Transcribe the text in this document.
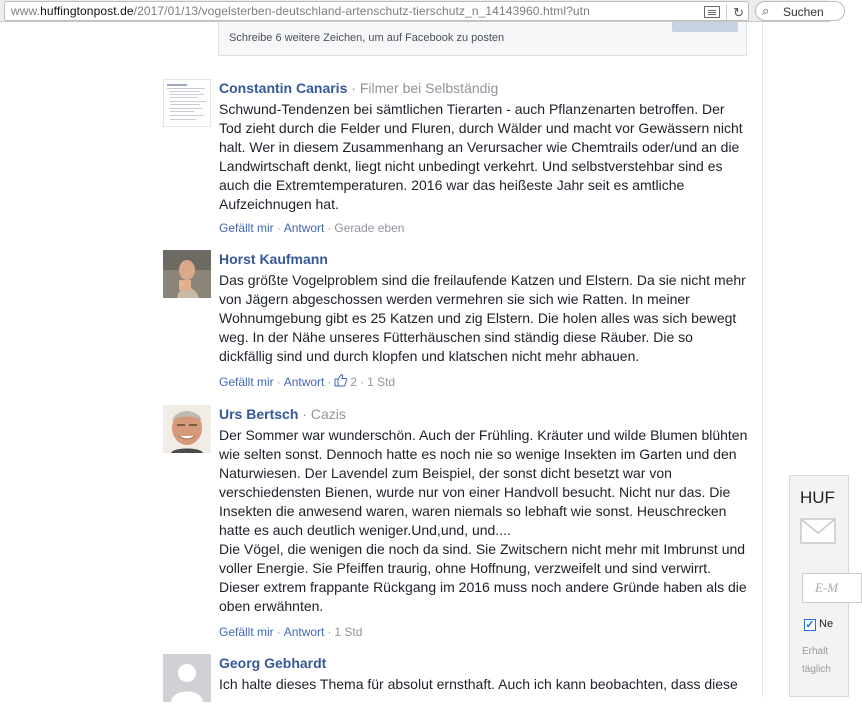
www.huffingtonpost.de/2017/01/13/vogelsterben-deutschland-artenschutz-tierschutz_n_14143960.html?utn	↻ ⌕ Suchen
Schreibe 6 weitere Zeichen, um auf Facebook zu posten
Constantin Canaris · Filmer bei Selbständig
Schwund-Tendenzen bei sämtlichen Tierarten - auch Pflanzenarten betroffen. Der Tod zieht durch die Felder und Fluren, durch Wälder und macht vor Gewässern nicht halt. Wer in diesem Zusammenhang an Verursacher wie Chemtrails oder/und an die Landwirtschaft denkt, liegt nicht unbedingt verkehrt. Und selbstverstehbar sind es auch die Extremtemperaturen. 2016 war das heißeste Jahr seit es amtliche Aufzeichnugen hat.
Gefällt mir · Antwort · Gerade eben
Horst Kaufmann
Das größte Vogelproblem sind die freilaufende Katzen und Elstern. Da sie nicht mehr von Jägern abgeschossen werden vermehren sie sich wie Ratten. In meiner Wohnumgebung gibt es 25 Katzen und zig Elstern. Die holen alles was sich bewegt weg. In der Nähe unseres Fütterhäuschen sind ständig diese Räuber. Die so dickfällig sind und durch klopfen und klatschen nicht mehr abhauen.
Gefällt mir · Antwort · 2 · 1 Std
Urs Bertsch · Cazis
Der Sommer war wunderschön. Auch der Frühling. Kräuter und wilde Blumen blühten wie selten sonst. Dennoch hatte es noch nie so wenige Insekten im Garten und den Naturwiesen. Der Lavendel zum Beispiel, der sonst dicht besetzt war von verschiedensten Bienen, wurde nur von einer Handvoll besucht. Nicht nur das. Die Insekten die anwesend waren, waren niemals so lebhaft wie sonst. Heuschrecken hatte es auch deutlich weniger.Und,und, und....
Die Vögel, die wenigen die noch da sind. Sie Zwitschern nicht mehr mit Imbrunst und voller Energie. Sie Pfeiffen traurig, ohne Hoffnung, verzweifelt und sind verwirrt. Dieser extrem frappante Rückgang im 2016 muss noch andere Gründe haben als die oben erwähnten.
Gefällt mir · Antwort · 1 Std
Georg Gebhardt
Ich halte dieses Thema für absolut ernsthaft. Auch ich kann beobachten, dass diese
HUF
E-M
✓ Ne
Erhalt
täglich
